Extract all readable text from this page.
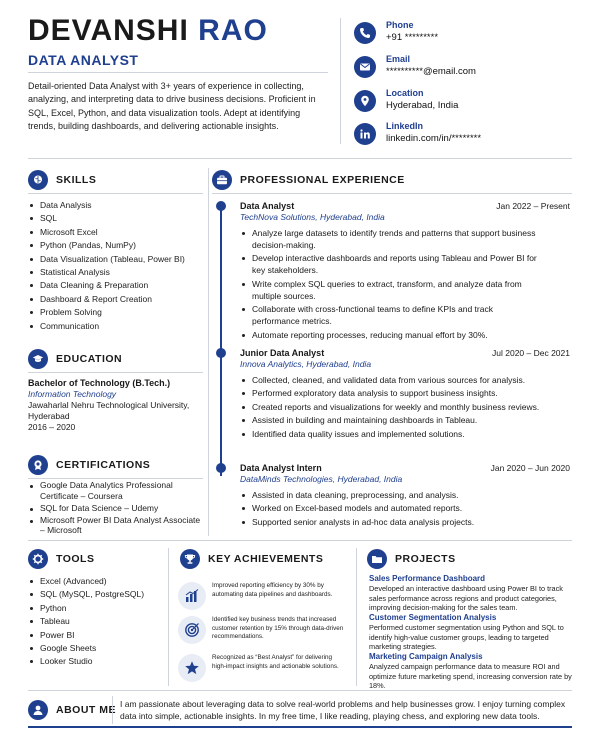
DEVANSHI RAO
DATA ANALYST
Detail-oriented Data Analyst with 3+ years of experience in collecting, analyzing, and interpreting data to drive business decisions. Proficient in SQL, Excel, Python, and data visualization tools. Adept at identifying trends, building dashboards, and delivering actionable insights.
Phone
+91 *********
Email
**********@email.com
Location
Hyderabad, India
LinkedIn
linkedin.com/in/********
SKILLS
Data Analysis
SQL
Microsoft Excel
Python (Pandas, NumPy)
Data Visualization (Tableau, Power BI)
Statistical Analysis
Data Cleaning & Preparation
Dashboard & Report Creation
Problem Solving
Communication
EDUCATION
Bachelor of Technology (B.Tech.)
Information Technology
Jawaharlal Nehru Technological University, Hyderabad
2016 – 2020
CERTIFICATIONS
Google Data Analytics Professional Certificate – Coursera
SQL for Data Science – Udemy
Microsoft Power BI Data Analyst Associate – Microsoft
PROFESSIONAL EXPERIENCE
Data Analyst	Jan 2022 – Present
TechNova Solutions, Hyderabad, India
Analyze large datasets to identify trends and patterns that support business decision-making.
Develop interactive dashboards and reports using Tableau and Power BI for key stakeholders.
Write complex SQL queries to extract, transform, and analyze data from multiple sources.
Collaborate with cross-functional teams to define KPIs and track performance metrics.
Automate reporting processes, reducing manual effort by 30%.
Junior Data Analyst	Jul 2020 – Dec 2021
Innova Analytics, Hyderabad, India
Collected, cleaned, and validated data from various sources for analysis.
Performed exploratory data analysis to support business insights.
Created reports and visualizations for weekly and monthly business reviews.
Assisted in building and maintaining dashboards in Tableau.
Identified data quality issues and implemented solutions.
Data Analyst Intern	Jan 2020 – Jun 2020
DataMinds Technologies, Hyderabad, India
Assisted in data cleaning, preprocessing, and analysis.
Worked on Excel-based models and automated reports.
Supported senior analysts in ad-hoc data analysis projects.
TOOLS
Excel (Advanced)
SQL (MySQL, PostgreSQL)
Python
Tableau
Power BI
Google Sheets
Looker Studio
KEY ACHIEVEMENTS
Improved reporting efficiency by 30% by automating data pipelines and dashboards.
Identified key business trends that increased customer retention by 15% through data-driven recommendations.
Recognized as “Best Analyst” for delivering high-impact insights and actionable solutions.
PROJECTS
Sales Performance Dashboard
Developed an interactive dashboard using Power BI to track sales performance across regions and product categories, improving decision-making for the sales team.
Customer Segmentation Analysis
Performed customer segmentation using Python and SQL to identify high-value customer groups, leading to targeted marketing strategies.
Marketing Campaign Analysis
Analyzed campaign performance data to measure ROI and optimize future marketing spend, increasing conversion rate by 18%.
ABOUT ME I am passionate about leveraging data to solve real-world problems and help businesses grow. I enjoy turning complex data into simple, actionable insights. In my free time, I like reading, playing chess, and exploring new data tools.
